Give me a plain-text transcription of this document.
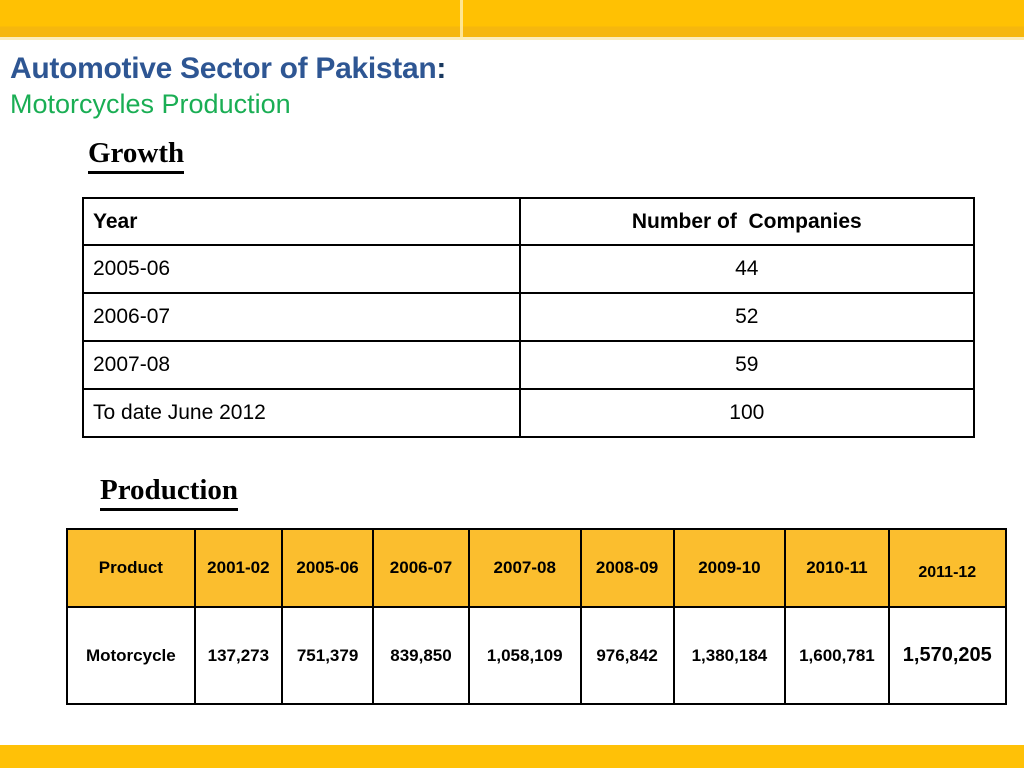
Automotive Sector of Pakistan:
Motorcycles Production
Growth
Year	Number of  Companies
2005-06	44
2006-07	52
2007-08	59
To date June 2012	100
Production
Product	2001-02	2005-06	2006-07	2007-08	2008-09	2009-10	2010-11	2011-12
Motorcycle	137,273	751,379	839,850	1,058,109	976,842	1,380,184	1,600,781	1,570,205
